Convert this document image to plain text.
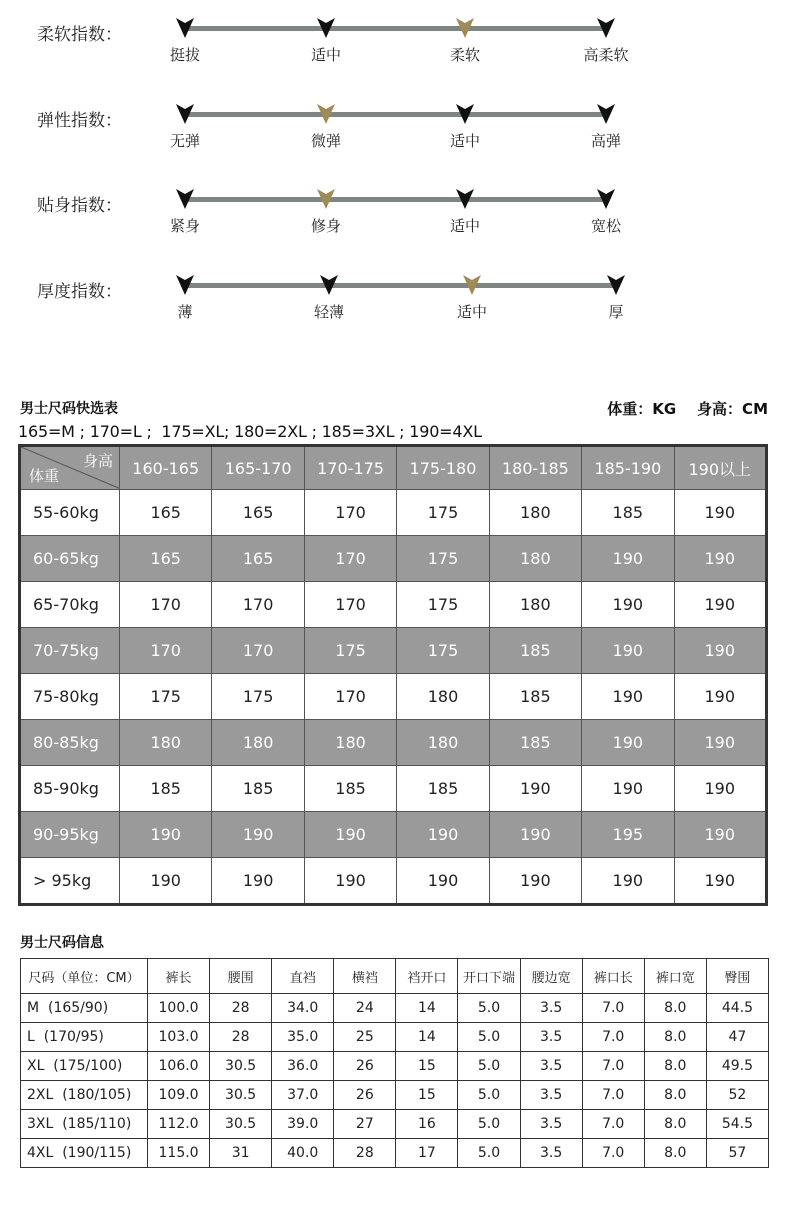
柔软指数：
挺拔	适中	柔软	高柔软
弹性指数：
无弹	微弹	适中	高弹
贴身指数：
紧身	修身	适中	宽松
厚度指数：
薄	轻薄	适中	厚
男士尺码快选表	体重：KG    身高：CM
165=M ; 170=L ;  175=XL; 180=2XL ; 185=3XL ; 190=4XL
身高
体重	160-165	165-170	170-175	175-180	180-185	185-190	190以上
55-60kg	165	165	170	175	180	185	190
60-65kg	165	165	170	175	180	190	190
65-70kg	170	170	170	175	180	190	190
70-75kg	170	170	175	175	185	190	190
75-80kg	175	175	170	180	185	190	190
80-85kg	180	180	180	180	185	190	190
85-90kg	185	185	185	185	190	190	190
90-95kg	190	190	190	190	190	195	190
> 95kg	190	190	190	190	190	190	190
男士尺码信息
尺码（单位：CM）	裤长	腰围	直裆	横裆	裆开口	开口下端	腰边宽	裤口长	裤口宽	臀围
M  (165/90)	100.0	28	34.0	24	14	5.0	3.5	7.0	8.0	44.5
L  (170/95)	103.0	28	35.0	25	14	5.0	3.5	7.0	8.0	47
XL  (175/100)	106.0	30.5	36.0	26	15	5.0	3.5	7.0	8.0	49.5
2XL  (180/105)	109.0	30.5	37.0	26	15	5.0	3.5	7.0	8.0	52
3XL  (185/110)	112.0	30.5	39.0	27	16	5.0	3.5	7.0	8.0	54.5
4XL  (190/115)	115.0	31	40.0	28	17	5.0	3.5	7.0	8.0	57
